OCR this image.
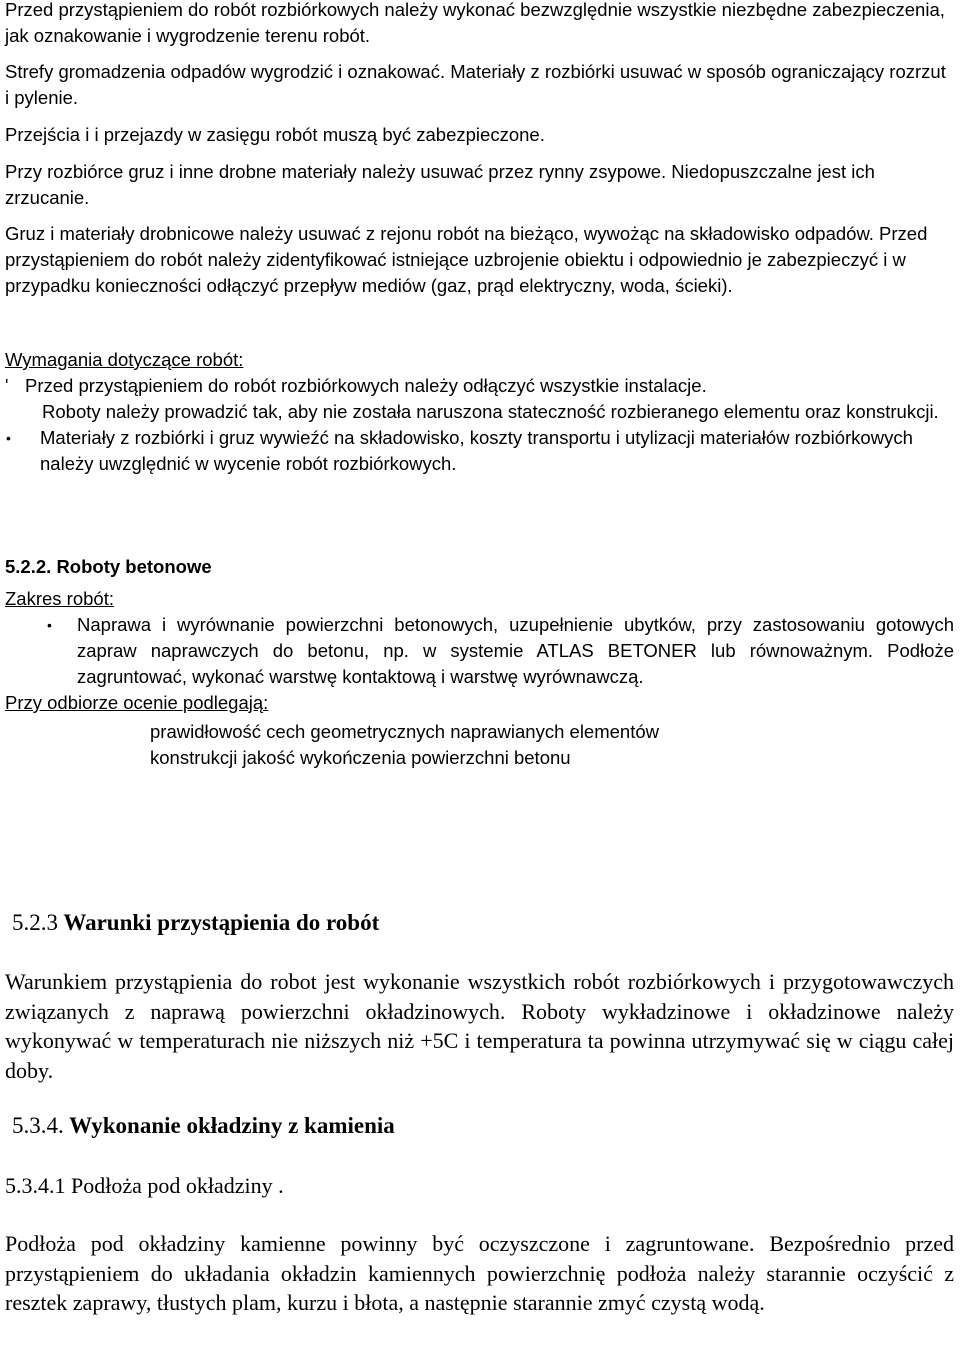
Przed przystąpieniem do robót rozbiórkowych należy wykonać bezwzględnie wszystkie niezbędne zabezpieczenia, jak oznakowanie i wygrodzenie terenu robót.

Strefy gromadzenia odpadów wygrodzić i oznakować. Materiały z rozbiórki usuwać w sposób ograniczający rozrzut i pylenie.

Przejścia i i przejazdy w zasięgu robót muszą być zabezpieczone.

Przy rozbiórce gruz i inne drobne materiały należy usuwać przez rynny zsypowe. Niedopuszczalne jest ich zrzucanie.

Gruz i materiały drobnicowe należy usuwać z rejonu robót na bieżąco, wywożąc na składowisko odpadów. Przed przystąpieniem do robót należy zidentyfikować istniejące uzbrojenie obiektu i odpowiednio je zabezpieczyć i w przypadku konieczności odłączyć przepływ mediów (gaz, prąd elektryczny, woda, ścieki).

Wymagania dotyczące robót:

' Przed przystąpieniem do robót rozbiórkowych należy odłączyć wszystkie instalacje.
Roboty należy prowadzić tak, aby nie została naruszona stateczność rozbieranego elementu oraz konstrukcji.
• Materiały z rozbiórki i gruz wywieźć na składowisko, koszty transportu i utylizacji materiałów rozbiórkowych należy uwzględnić w wycenie robót rozbiórkowych.
5.2.2. Roboty betonowe

Zakres robót:

• Naprawa i wyrównanie powierzchni betonowych, uzupełnienie ubytków, przy zastosowaniu gotowych zapraw naprawczych do betonu, np. w systemie ATLAS BETONER lub równoważnym. Podłoże zagruntować, wykonać warstwę kontaktową i warstwę wyrównawczą.

Przy odbiorze ocenie podlegają:

prawidłowość cech geometrycznych naprawianych elementów

konstrukcji jakość wykończenia powierzchni betonu

5.2.3 Warunki przystąpienia do robót

Warunkiem przystąpienia do robot jest wykonanie wszystkich robót rozbiórkowych i przygotowawczych związanych z naprawą powierzchni okładzinowych. Roboty wykładzinowe i okładzinowe należy wykonywać w temperaturach nie niższych niż +5C i temperatura ta powinna utrzymywać się w ciągu całej doby.

5.3.4. Wykonanie okładziny z kamienia

5.3.4.1 Podłoża pod okładziny .

Podłoża pod okładziny kamienne powinny być oczyszczone i zagruntowane. Bezpośrednio przed przystąpieniem do układania okładzin kamiennych powierzchnię podłoża należy starannie oczyścić z resztek zaprawy, tłustych plam, kurzu i błota, a następnie starannie zmyć czystą wodą.
